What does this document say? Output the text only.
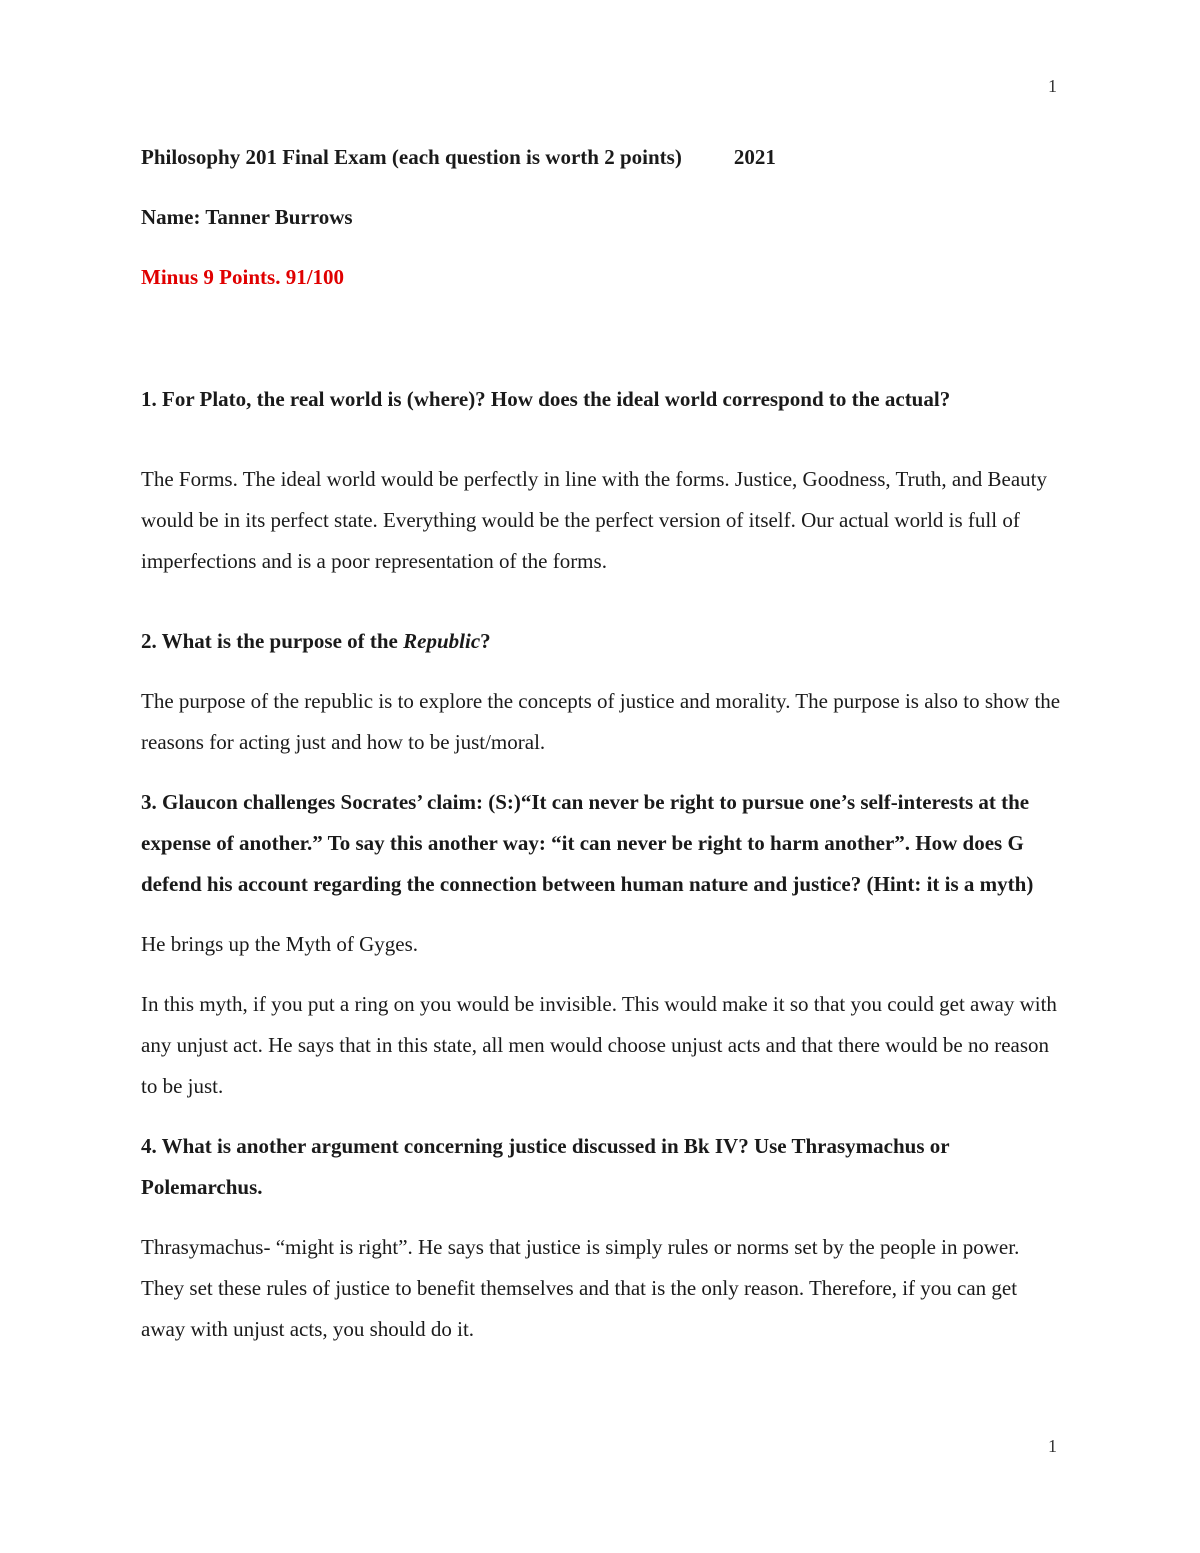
1

Philosophy 201 Final Exam (each question is worth 2 points) 2021

Name: Tanner Burrows

Minus 9 Points. 91/100

1. For Plato, the real world is (where)? How does the ideal world correspond to the actual?

The Forms. The ideal world would be perfectly in line with the forms. Justice, Goodness, Truth, and Beauty would be in its perfect state. Everything would be the perfect version of itself. Our actual world is full of imperfections and is a poor representation of the forms.

2. What is the purpose of the Republic?

The purpose of the republic is to explore the concepts of justice and morality. The purpose is also to show the reasons for acting just and how to be just/moral.

3. Glaucon challenges Socrates’ claim: (S:)“It can never be right to pursue one’s self-interests at the expense of another.” To say this another way: “it can never be right to harm another”. How does G defend his account regarding the connection between human nature and justice? (Hint: it is a myth)

He brings up the Myth of Gyges.

In this myth, if you put a ring on you would be invisible. This would make it so that you could get away with any unjust act. He says that in this state, all men would choose unjust acts and that there would be no reason to be just.

4. What is another argument concerning justice discussed in Bk IV? Use Thrasymachus or Polemarchus.

Thrasymachus- “might is right”. He says that justice is simply rules or norms set by the people in power. They set these rules of justice to benefit themselves and that is the only reason. Therefore, if you can get away with unjust acts, you should do it.

1
